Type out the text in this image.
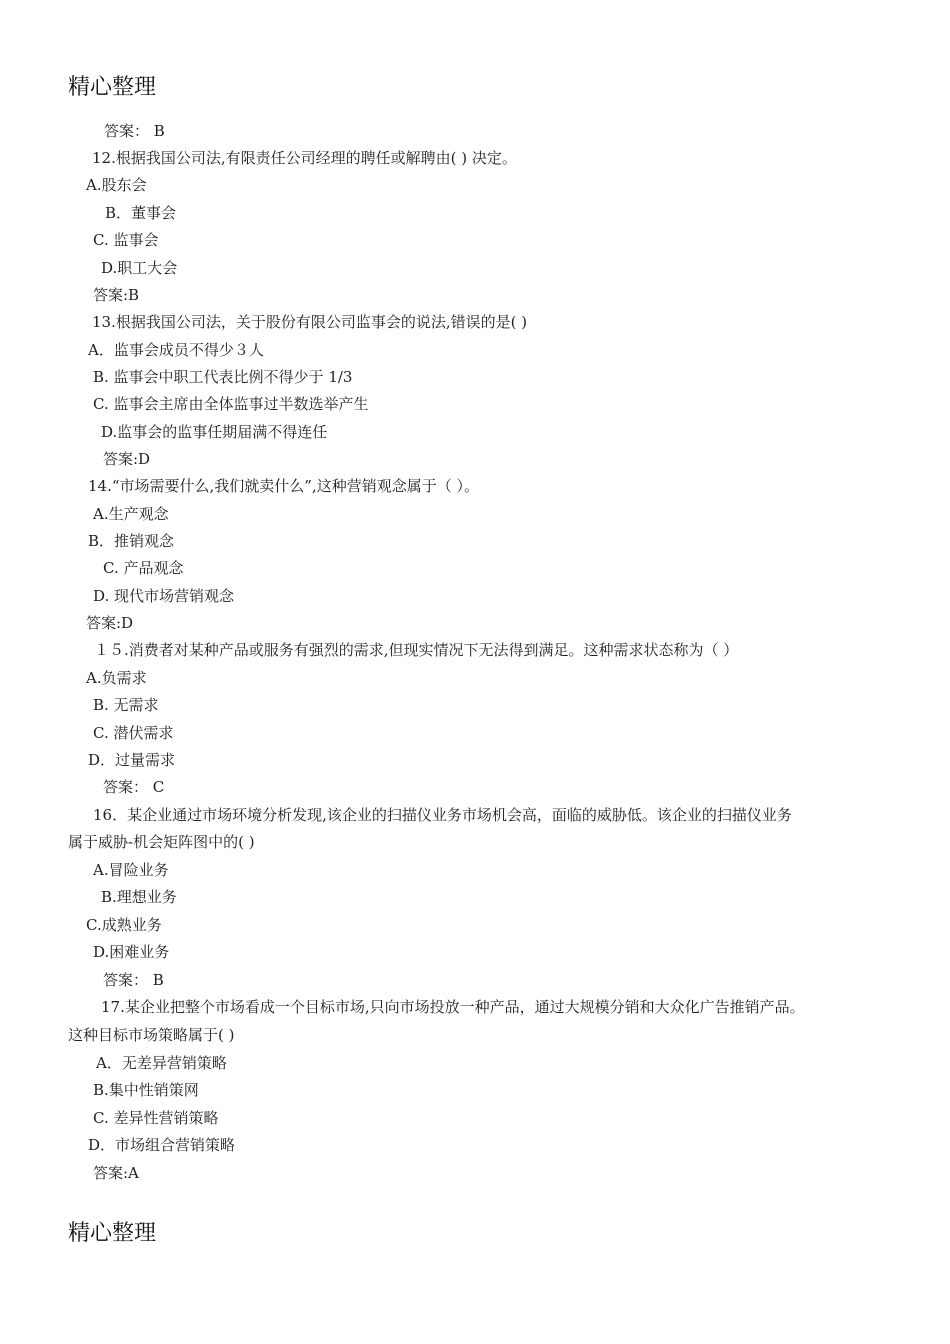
精心整理
答案： B
12.根据我国公司法,有限责任公司经理的聘任或解聘由( ) 决定。
A.股东会
B．董事会
C. 监事会
D.职工大会
答案:B
13.根据我国公司法，关于股份有限公司监事会的说法,错误的是( )
A．监事会成员不得少３人
B. 监事会中职工代表比例不得少于 1/3
C. 监事会主席由全体监事过半数选举产生
D.监事会的监事任期届满不得连任
答案:D
14.“市场需要什么,我们就卖什么”,这种营销观念属于（ ）。
A.生产观念
B．推销观念
C. 产品观念
D. 现代市场营销观念
答案:D
１５.消费者对某种产品或服务有强烈的需求,但现实情况下无法得到满足。这种需求状态称为（ ）
A.负需求
B. 无需求
C. 潜伏需求
D．过量需求
答案： C
16．某企业通过市场环境分析发现,该企业的扫描仪业务市场机会高，面临的威胁低。该企业的扫描仪业务
属于威胁-机会矩阵图中的( )
A.冒险业务
B.理想业务
C.成熟业务
D.困难业务
答案： B
17.某企业把整个市场看成一个目标市场,只向市场投放一种产品，通过大规模分销和大众化广告推销产品。
这种目标市场策略属于( )
A．无差异营销策略
B.集中性销策网
C. 差异性营销策略
D．市场组合营销策略
答案:A
精心整理
